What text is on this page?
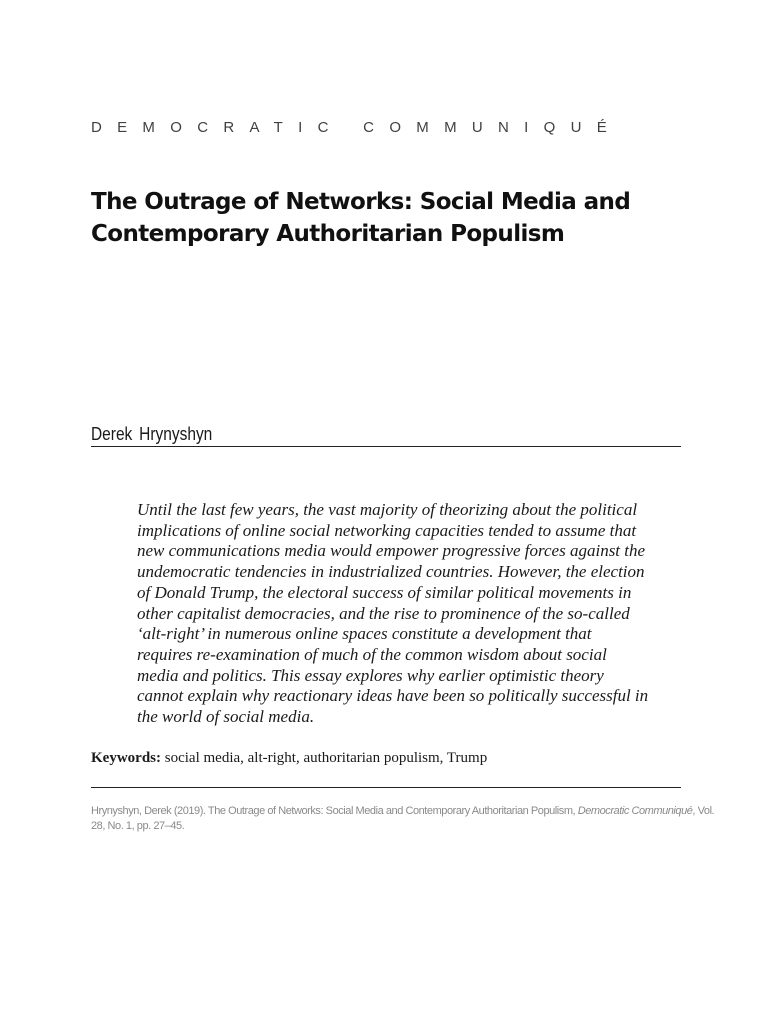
DEMOCRATIC COMMUNIQUÉ
The Outrage of Networks: Social Media and
Contemporary Authoritarian Populism
Derek Hrynyshyn
Until the last few years, the vast majority of theorizing about the political
implications of online social networking capacities tended to assume that
new communications media would empower progressive forces against the
undemocratic tendencies in industrialized countries. However, the election
of Donald Trump, the electoral success of similar political movements in
other capitalist democracies, and the rise to prominence of the so-called
‘alt-right’ in numerous online spaces constitute a development that
requires re-examination of much of the common wisdom about social
media and politics. This essay explores why earlier optimistic theory
cannot explain why reactionary ideas have been so politically successful in
the world of social media.
Keywords: social media, alt-right, authoritarian populism, Trump
Hrynyshyn, Derek (2019). The Outrage of Networks: Social Media and Contemporary Authoritarian Populism, Democratic Communiqué, Vol.
28, No. 1, pp. 27–45.
